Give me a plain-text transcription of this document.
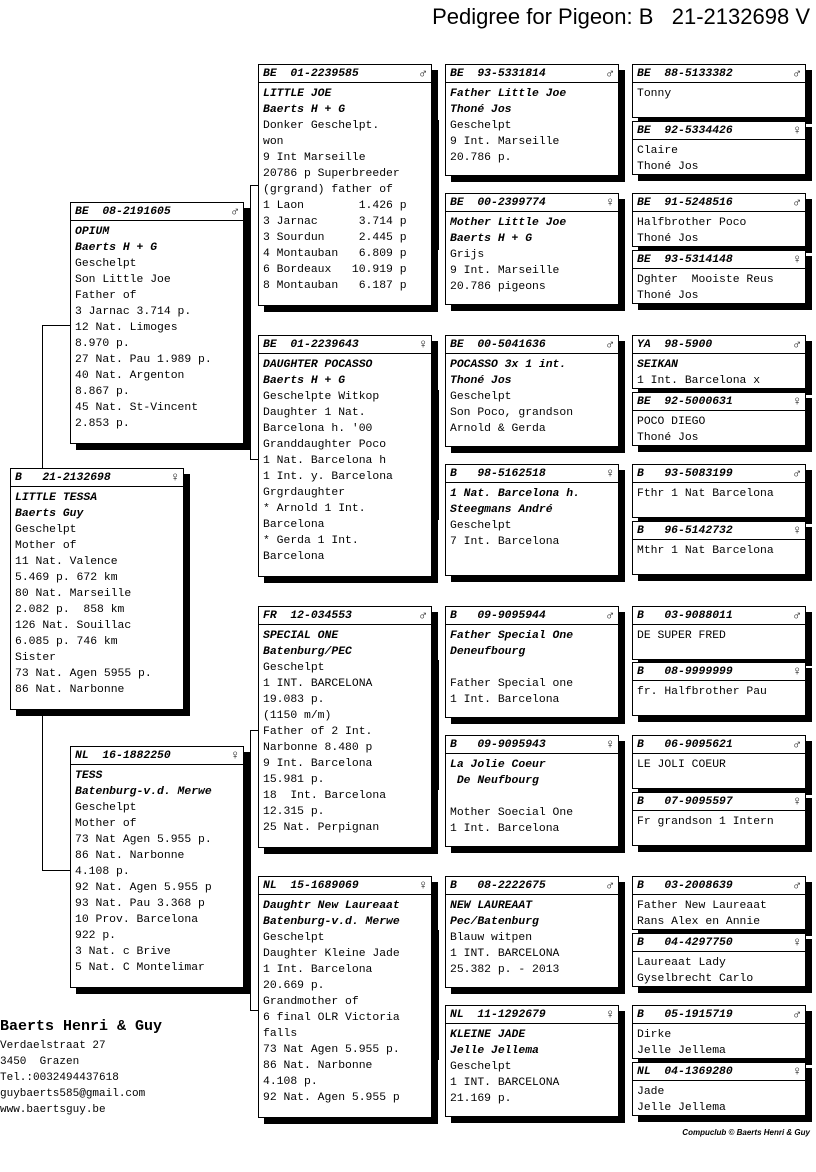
Pedigree for Pigeon: B   21-2132698 V
B   21-2132698	♀
LITTLE TESSA
Baerts Guy
Geschelpt
Mother of
11 Nat. Valence
5.469 p. 672 km
80 Nat. Marseille
2.082 p.  858 km
126 Nat. Souillac
6.085 p. 746 km
Sister
73 Nat. Agen 5955 p.
86 Nat. Narbonne
BE  08-2191605	♂
OPIUM
Baerts H + G
Geschelpt
Son Little Joe
Father of
3 Jarnac 3.714 p.
12 Nat. Limoges
8.970 p.
27 Nat. Pau 1.989 p.
40 Nat. Argenton
8.867 p.
45 Nat. St-Vincent
2.853 p.
NL  16-1882250	♀
TESS
Batenburg-v.d. Merwe
Geschelpt
Mother of
73 Nat Agen 5.955 p.
86 Nat. Narbonne
4.108 p.
92 Nat. Agen 5.955 p
93 Nat. Pau 3.368 p
10 Prov. Barcelona
922 p.
3 Nat. c Brive
5 Nat. C Montelimar
BE  01-2239585	♂
LITTLE JOE
Baerts H + G
Donker Geschelpt.
won
9 Int Marseille
20786 p Superbreeder
(grgrand) father of
1 Laon        1.426 p
3 Jarnac      3.714 p
3 Sourdun     2.445 p
4 Montauban   6.809 p
6 Bordeaux   10.919 p
8 Montauban   6.187 p
BE  01-2239643	♀
DAUGHTER POCASSO
Baerts H + G
Geschelpte Witkop
Daughter 1 Nat.
Barcelona h. '00
Granddaughter Poco
1 Nat. Barcelona h
1 Int. y. Barcelona
Grgrdaughter
* Arnold 1 Int.
Barcelona
* Gerda 1 Int.
Barcelona
FR  12-034553	♂
SPECIAL ONE
Batenburg/PEC
Geschelpt
1 INT. BARCELONA
19.083 p.
(1150 m/m)
Father of 2 Int.
Narbonne 8.480 p
9 Int. Barcelona
15.981 p.
18  Int. Barcelona
12.315 p.
25 Nat. Perpignan
NL  15-1689069	♀
Daughtr New Laureaat
Batenburg-v.d. Merwe
Geschelpt
Daughter Kleine Jade
1 Int. Barcelona
20.669 p.
Grandmother of
6 final OLR Victoria
falls
73 Nat Agen 5.955 p.
86 Nat. Narbonne
4.108 p.
92 Nat. Agen 5.955 p
BE  93-5331814	♂
Father Little Joe
Thoné Jos
Geschelpt
9 Int. Marseille
20.786 p.
BE  00-2399774	♀
Mother Little Joe
Baerts H + G
Grijs
9 Int. Marseille
20.786 pigeons
BE  00-5041636	♂
POCASSO 3x 1 int.
Thoné Jos
Geschelpt
Son Poco, grandson
Arnold & Gerda
B   98-5162518	♀
1 Nat. Barcelona h.
Steegmans André
Geschelpt
7 Int. Barcelona
B   09-9095944	♂
Father Special One
Deneufbourg
Father Special one
1 Int. Barcelona
B   09-9095943	♀
La Jolie Coeur
De Neufbourg
Mother Soecial One
1 Int. Barcelona
B   08-2222675	♂
NEW LAUREAAT
Pec/Batenburg
Blauw witpen
1 INT. BARCELONA
25.382 p. - 2013
NL  11-1292679	♀
KLEINE JADE
Jelle Jellema
Geschelpt
1 INT. BARCELONA
21.169 p.
BE  88-5133382	♂
Tonny
BE  92-5334426	♀
Claire
Thoné Jos
BE  91-5248516	♂
Halfbrother Poco
Thoné Jos
BE  93-5314148	♀
Dghter  Mooiste Reus
Thoné Jos
YA  98-5900	♂
SEIKAN
1 Int. Barcelona x
BE  92-5000631	♀
POCO DIEGO
Thoné Jos
B   93-5083199	♂
Fthr 1 Nat Barcelona
B   96-5142732	♀
Mthr 1 Nat Barcelona
B   03-9088011	♂
DE SUPER FRED
B   08-9999999	♀
fr. Halfbrother Pau
B   06-9095621	♂
LE JOLI COEUR
B   07-9095597	♀
Fr grandson 1 Intern
B   03-2008639	♂
Father New Laureaat
Rans Alex en Annie
B   04-4297750	♀
Laureaat Lady
Gyselbrecht Carlo
B   05-1915719	♂
Dirke
Jelle Jellema
NL  04-1369280	♀
Jade
Jelle Jellema
Baerts Henri & Guy
Verdaelstraat 27
3450  Grazen
Tel.:0032494437618
guybaerts585@gmail.com
www.baertsguy.be
Compuclub © Baerts Henri & Guy
